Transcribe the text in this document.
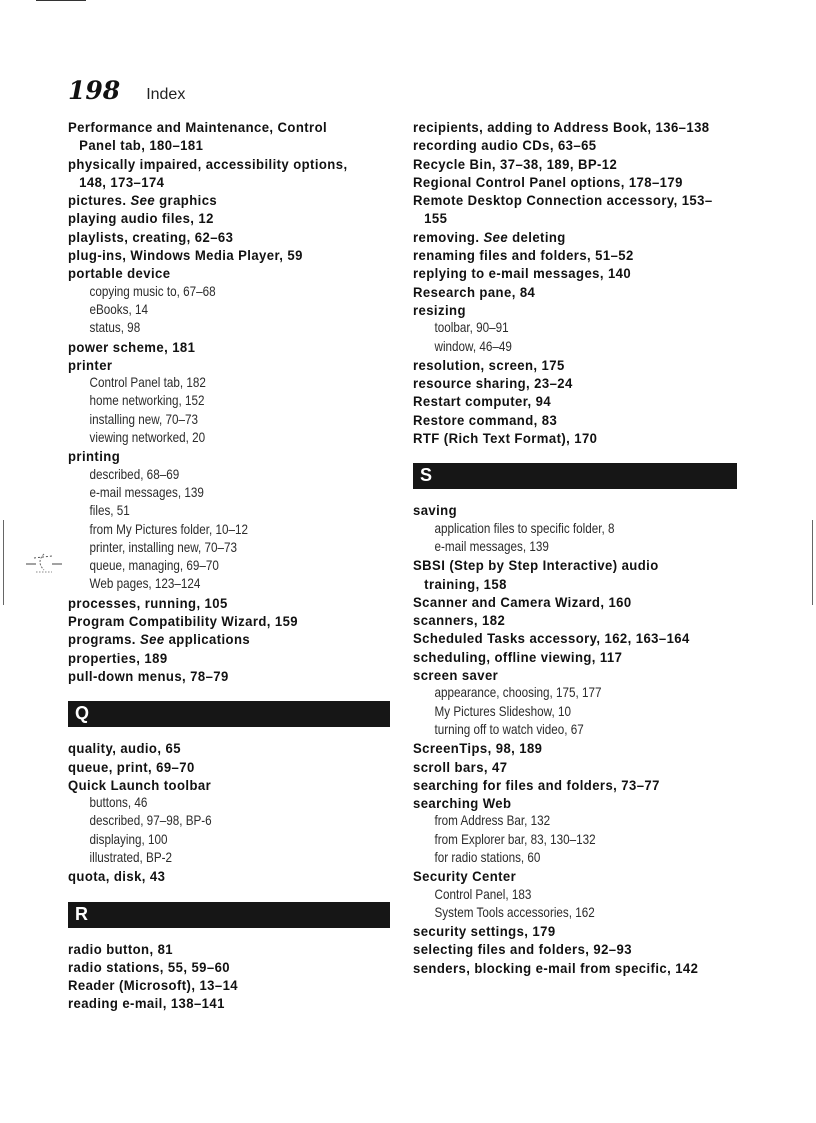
198 Index
Performance and Maintenance, Control Panel tab, 180–181
physically impaired, accessibility options, 148, 173–174
pictures. See graphics
playing audio files, 12
playlists, creating, 62–63
plug-ins, Windows Media Player, 59
portable device
copying music to, 67–68
eBooks, 14
status, 98
power scheme, 181
printer
Control Panel tab, 182
home networking, 152
installing new, 70–73
viewing networked, 20
printing
described, 68–69
e-mail messages, 139
files, 51
from My Pictures folder, 10–12
printer, installing new, 70–73
queue, managing, 69–70
Web pages, 123–124
processes, running, 105
Program Compatibility Wizard, 159
programs. See applications
properties, 189
pull-down menus, 78–79
Q
quality, audio, 65
queue, print, 69–70
Quick Launch toolbar
buttons, 46
described, 97–98, BP-6
displaying, 100
illustrated, BP-2
quota, disk, 43
R
radio button, 81
radio stations, 55, 59–60
Reader (Microsoft), 13–14
reading e-mail, 138–141
recipients, adding to Address Book, 136–138
recording audio CDs, 63–65
Recycle Bin, 37–38, 189, BP-12
Regional Control Panel options, 178–179
Remote Desktop Connection accessory, 153–155
removing. See deleting
renaming files and folders, 51–52
replying to e-mail messages, 140
Research pane, 84
resizing
toolbar, 90–91
window, 46–49
resolution, screen, 175
resource sharing, 23–24
Restart computer, 94
Restore command, 83
RTF (Rich Text Format), 170
S
saving
application files to specific folder, 8
e-mail messages, 139
SBSI (Step by Step Interactive) audio training, 158
Scanner and Camera Wizard, 160
scanners, 182
Scheduled Tasks accessory, 162, 163–164
scheduling, offline viewing, 117
screen saver
appearance, choosing, 175, 177
My Pictures Slideshow, 10
turning off to watch video, 67
ScreenTips, 98, 189
scroll bars, 47
searching for files and folders, 73–77
searching Web
from Address Bar, 132
from Explorer bar, 83, 130–132
for radio stations, 60
Security Center
Control Panel, 183
System Tools accessories, 162
security settings, 179
selecting files and folders, 92–93
senders, blocking e-mail from specific, 142
